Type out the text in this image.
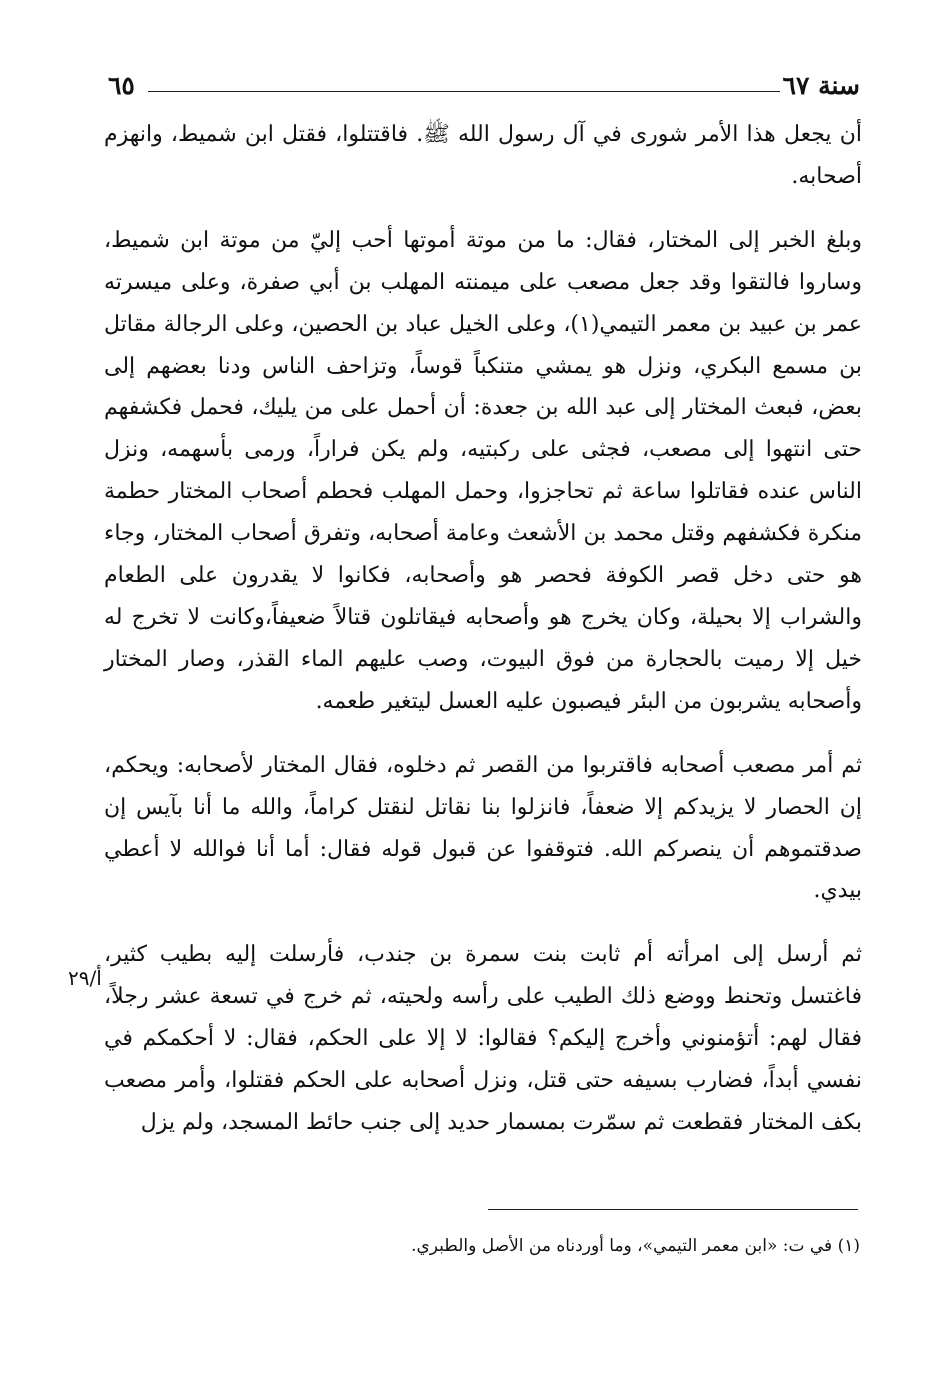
٦٥	سنة ٦٧

أن يجعل هذا الأمر شورى في آل رسول الله ﷺ. فاقتتلوا، فقتل ابن شميط، وانهزم أصحابه.

وبلغ الخبر إلى المختار، فقال: ما من موتة أموتها أحب إليّ من موتة ابن شميط، وساروا فالتقوا وقد جعل مصعب على ميمنته المهلب بن أبي صفرة، وعلى ميسرته عمر بن عبيد بن معمر التيمي(١)، وعلى الخيل عباد بن الحصين، وعلى الرجالة مقاتل بن مسمع البكري، ونزل هو يمشي متنكباً قوساً، وتزاحف الناس ودنا بعضهم إلى بعض، فبعث المختار إلى عبد الله بن جعدة: أن أحمل على من يليك، فحمل فكشفهم حتى انتهوا إلى مصعب، فجثى على ركبتيه، ولم يكن فراراً، ورمى بأسهمه، ونزل الناس عنده فقاتلوا ساعة ثم تحاجزوا، وحمل المهلب فحطم أصحاب المختار حطمة منكرة فكشفهم وقتل محمد بن الأشعث وعامة أصحابه، وتفرق أصحاب المختار، وجاء هو حتى دخل قصر الكوفة فحصر هو وأصحابه، فكانوا لا يقدرون على الطعام والشراب إلا بحيلة، وكان يخرج هو وأصحابه فيقاتلون قتالاً ضعيفاً،وكانت لا تخرج له خيل إلا رميت بالحجارة من فوق البيوت، وصب عليهم الماء القذر، وصار المختار وأصحابه يشربون من البئر فيصبون عليه العسل ليتغير طعمه.

ثم أمر مصعب أصحابه فاقتربوا من القصر ثم دخلوه، فقال المختار لأصحابه: ويحكم، إن الحصار لا يزيدكم إلا ضعفاً، فانزلوا بنا نقاتل لنقتل كراماً، والله ما أنا بآيس إن صدقتموهم أن ينصركم الله. فتوقفوا عن قبول قوله فقال: أما أنا فوالله لا أعطي بيدي.

ثم أرسل إلى امرأته أم ثابت بنت سمرة بن جندب، فأرسلت إليه بطيب كثير، فاغتسل وتحنط ووضع ذلك الطيب على رأسه ولحيته، ثم خرج في تسعة عشر رجلاً، فقال لهم: أتؤمنوني وأخرج إليكم؟ فقالوا: لا إلا على الحكم، فقال: لا أحكمكم في نفسي أبداً، فضارب بسيفه حتى قتل، ونزل أصحابه على الحكم فقتلوا، وأمر مصعب بكف المختار فقطعت ثم سمّرت بمسمار حديد إلى جنب حائط المسجد، ولم يزل

أ/٢٩
(١) في ت: «ابن معمر التيمي»، وما أوردناه من الأصل والطبري.
